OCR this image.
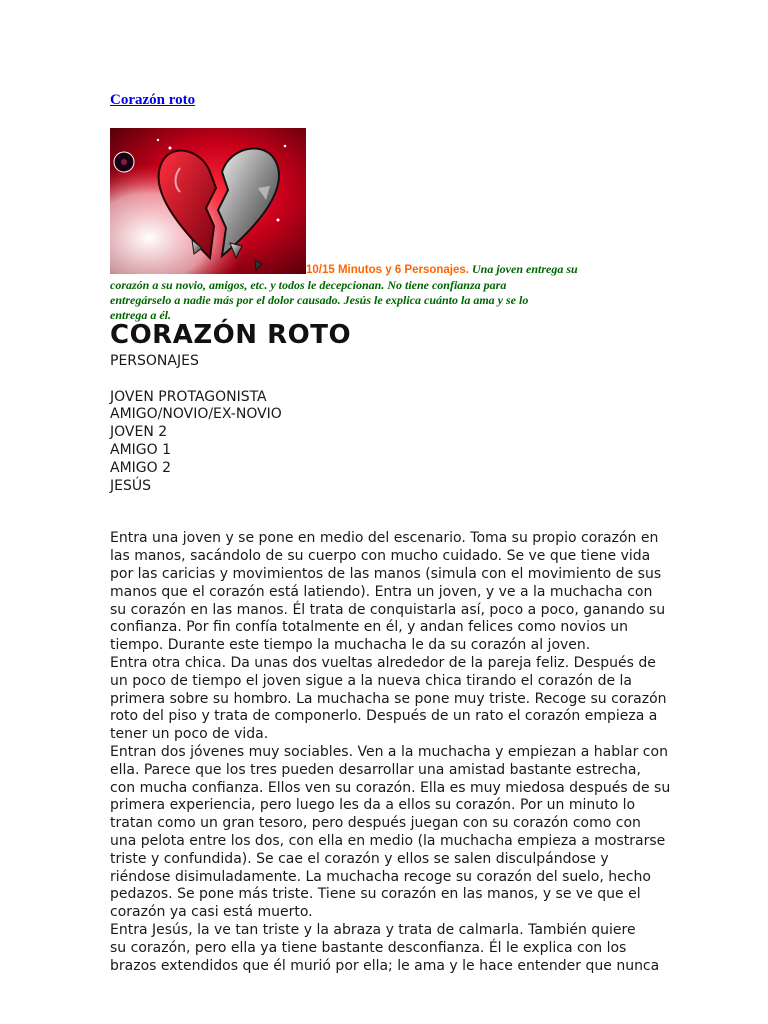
Corazón roto
10/15 Minutos y 6 Personajes. Una joven entrega su
corazón a su novio, amigos, etc. y todos le decepcionan. No tiene confianza para
entregárselo a nadie más por el dolor causado. Jesús le explica cuánto la ama y se lo
entrega a él.
CORAZÓN ROTO
PERSONAJES
JOVEN PROTAGONISTA
AMIGO/NOVIO/EX-NOVIO
JOVEN 2
AMIGO 1
AMIGO 2
JESÚS
Entra una joven y se pone en medio del escenario. Toma su propio corazón en
las manos, sacándolo de su cuerpo con mucho cuidado. Se ve que tiene vida
por las caricias y movimientos de las manos (simula con el movimiento de sus
manos que el corazón está latiendo). Entra un joven, y ve a la muchacha con
su corazón en las manos. Él trata de conquistarla así, poco a poco, ganando su
confianza. Por fin confía totalmente en él, y andan felices como novios un
tiempo. Durante este tiempo la muchacha le da su corazón al joven.
Entra otra chica. Da unas dos vueltas alrededor de la pareja feliz. Después de
un poco de tiempo el joven sigue a la nueva chica tirando el corazón de la
primera sobre su hombro. La muchacha se pone muy triste. Recoge su corazón
roto del piso y trata de componerlo. Después de un rato el corazón empieza a
tener un poco de vida.
Entran dos jóvenes muy sociables. Ven a la muchacha y empiezan a hablar con
ella. Parece que los tres pueden desarrollar una amistad bastante estrecha,
con mucha confianza. Ellos ven su corazón. Ella es muy miedosa después de su
primera experiencia, pero luego les da a ellos su corazón. Por un minuto lo
tratan como un gran tesoro, pero después juegan con su corazón como con
una pelota entre los dos, con ella en medio (la muchacha empieza a mostrarse
triste y confundida). Se cae el corazón y ellos se salen disculpándose y
riéndose disimuladamente. La muchacha recoge su corazón del suelo, hecho
pedazos. Se pone más triste. Tiene su corazón en las manos, y se ve que el
corazón ya casi está muerto.
Entra Jesús, la ve tan triste y la abraza y trata de calmarla. También quiere
su corazón, pero ella ya tiene bastante desconfianza. Él le explica con los
brazos extendidos que él murió por ella; le ama y le hace entender que nunca
